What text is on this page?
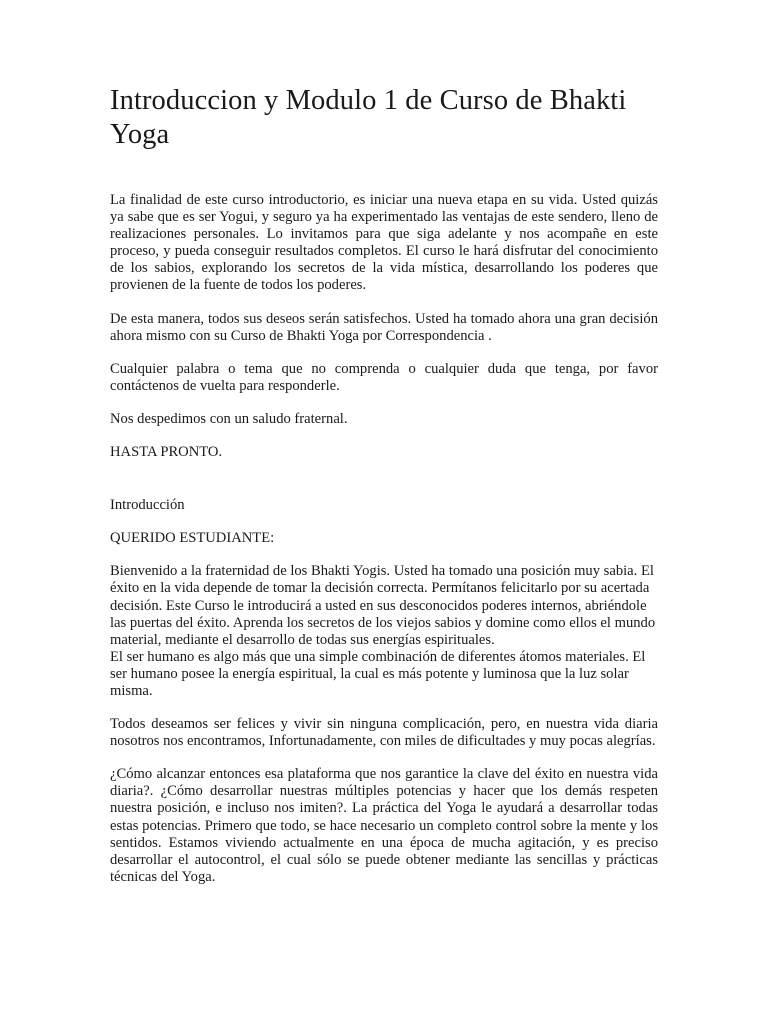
Introduccion y Modulo 1 de Curso de Bhakti Yoga

La finalidad de este curso introductorio, es iniciar una nueva etapa en su vida. Usted quizás ya sabe que es ser Yogui, y seguro ya ha experimentado las ventajas de este sendero, lleno de realizaciones personales. Lo invitamos para que siga adelante y nos acompañe en este proceso, y pueda conseguir resultados completos. El curso le hará disfrutar del conocimiento de los sabios, explorando los secretos de la vida mística, desarrollando los poderes que provienen de la fuente de todos los poderes.

De esta manera, todos sus deseos serán satisfechos. Usted ha tomado ahora una gran decisión ahora mismo con su Curso de Bhakti Yoga por Correspondencia .

Cualquier palabra o tema que no comprenda o cualquier duda que tenga, por favor contáctenos de vuelta para responderle.

Nos despedimos con un saludo fraternal.

HASTA PRONTO.

Introducción

QUERIDO ESTUDIANTE:

Bienvenido a la fraternidad de los Bhakti Yogis. Usted ha tomado una posición muy sabia. El éxito en la vida depende de tomar la decisión correcta. Permítanos felicitarlo por su acertada decisión. Este Curso le introducirá a usted en sus desconocidos poderes internos, abriéndole las puertas del éxito. Aprenda los secretos de los viejos sabios y domine como ellos el mundo material, mediante el desarrollo de todas sus energías espirituales.

El ser humano es algo más que una simple combinación de diferentes átomos materiales. El ser humano posee la energía espiritual, la cual es más potente y luminosa que la luz solar misma.

Todos deseamos ser felices y vivir sin ninguna complicación, pero, en nuestra vida diaria nosotros nos encontramos, Infortunadamente, con miles de dificultades y muy pocas alegrías.

¿Cómo alcanzar entonces esa plataforma que nos garantice la clave del éxito en nuestra vida diaria?. ¿Cómo desarrollar nuestras múltiples potencias y hacer que los demás respeten nuestra posición, e incluso nos imiten?. La práctica del Yoga le ayudará a desarrollar todas estas potencias. Primero que todo, se hace necesario un completo control sobre la mente y los sentidos. Estamos viviendo actualmente en una época de mucha agitación, y es preciso desarrollar el autocontrol, el cual sólo se puede obtener mediante las sencillas y prácticas técnicas del Yoga.
